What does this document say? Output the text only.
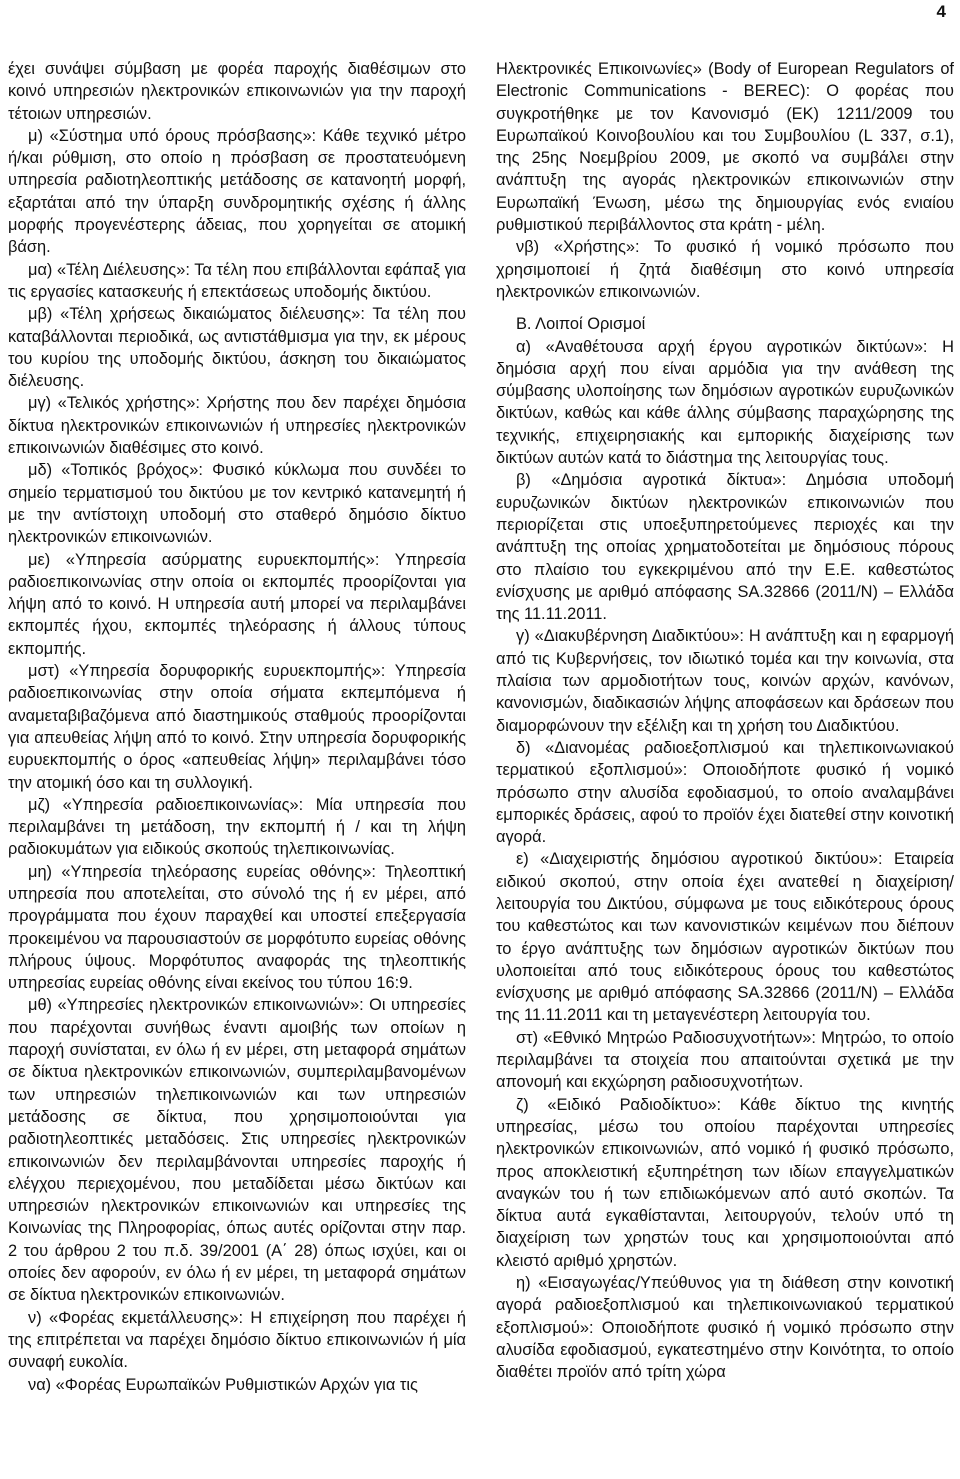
4

έχει συνάψει σύμβαση με φορέα παροχής διαθέσιμων στο κοινό υπηρεσιών ηλεκτρονικών επικοινωνιών για την παροχή τέτοιων υπηρεσιών.

μ) «Σύστημα υπό όρους πρόσβασης»: Κάθε τεχνικό μέτρο ή/και ρύθμιση, στο οποίο η πρόσβαση σε προστατευόμενη υπηρεσία ραδιοτηλεοπτικής μετάδοσης σε κατανοητή μορφή, εξαρτάται από την ύπαρξη συνδρομητικής σχέσης ή άλλης μορφής προγενέστερης άδειας, που χορηγείται σε ατομική βάση.

μα) «Τέλη Διέλευσης»: Τα τέλη που επιβάλλονται εφάπαξ για τις εργασίες κατασκευής ή επεκτάσεως υποδομής δικτύου.

μβ) «Τέλη χρήσεως δικαιώματος διέλευσης»: Τα τέλη που καταβάλλονται περιοδικά, ως αντιστάθμισμα για την, εκ μέρους του κυρίου της υποδομής δικτύου, άσκηση του δικαιώματος διέλευσης.

μγ) «Τελικός χρήστης»: Χρήστης που δεν παρέχει δημόσια δίκτυα ηλεκτρονικών επικοινωνιών ή υπηρεσίες ηλεκτρονικών επικοινωνιών διαθέσιμες στο κοινό.

μδ) «Τοπικός βρόχος»: Φυσικό κύκλωμα που συνδέει το σημείο τερματισμού του δικτύου με τον κεντρικό κατανεμητή ή με την αντίστοιχη υποδομή στο σταθερό δημόσιο δίκτυο ηλεκτρονικών επικοινωνιών.

με) «Υπηρεσία ασύρματης ευρυεκπομπής»: Υπηρεσία ραδιοεπικοινωνίας στην οποία οι εκπομπές προορίζονται για λήψη από το κοινό. Η υπηρεσία αυτή μπορεί να περιλαμβάνει εκπομπές ήχου, εκπομπές τηλεόρασης ή άλλους τύπους εκπομπής.

μστ) «Υπηρεσία δορυφορικής ευρυεκπομπής»: Υπηρεσία ραδιοεπικοινωνίας στην οποία σήματα εκπεμπόμενα ή αναμεταβιβαζόμενα από διαστημικούς σταθμούς προορίζονται για απευθείας λήψη από το κοινό. Στην υπηρεσία δορυφορικής ευρυεκπομπής ο όρος «απευθείας λήψη» περιλαμβάνει τόσο την ατομική όσο και τη συλλογική.

μζ) «Υπηρεσία ραδιοεπικοινωνίας»: Μία υπηρεσία που περιλαμβάνει τη μετάδοση, την εκπομπή ή / και τη λήψη ραδιοκυμάτων για ειδικούς σκοπούς τηλεπικοινωνίας.

μη) «Υπηρεσία τηλεόρασης ευρείας οθόνης»: Τηλεοπτική υπηρεσία που αποτελείται, στο σύνολό της ή εν μέρει, από προγράμματα που έχουν παραχθεί και υποστεί επεξεργασία προκειμένου να παρουσιαστούν σε μορφότυπο ευρείας οθόνης πλήρους ύψους. Μορφότυπος αναφοράς της τηλεοπτικής υπηρεσίας ευρείας οθόνης είναι εκείνος του τύπου 16:9.

μθ) «Υπηρεσίες ηλεκτρονικών επικοινωνιών»: Οι υπηρεσίες που παρέχονται συνήθως έναντι αμοιβής των οποίων η παροχή συνίσταται, εν όλω ή εν μέρει, στη μεταφορά σημάτων σε δίκτυα ηλεκτρονικών επικοινωνιών, συμπεριλαμβανομένων των υπηρεσιών τηλεπικοινωνιών και των υπηρεσιών μετάδοσης σε δίκτυα, που χρησιμοποιούνται για ραδιοτηλεοπτικές μεταδόσεις. Στις υπηρεσίες ηλεκτρονικών επικοινωνιών δεν περιλαμβάνονται υπηρεσίες παροχής ή ελέγχου περιεχομένου, που μεταδίδεται μέσω δικτύων και υπηρεσιών ηλεκτρονικών επικοινωνιών και υπηρεσίες της Κοινωνίας της Πληροφορίας, όπως αυτές ορίζονται στην παρ. 2 του άρθρου 2 του π.δ. 39/2001 (Α΄ 28) όπως ισχύει, και οι οποίες δεν αφορούν, εν όλω ή εν μέρει, τη μεταφορά σημάτων σε δίκτυα ηλεκτρονικών επικοινωνιών.

ν) «Φορέας εκμετάλλευσης»: Η επιχείρηση που παρέχει ή της επιτρέπεται να παρέχει δημόσιο δίκτυο επικοινωνιών ή μία συναφή ευκολία.

να) «Φορέας Ευρωπαϊκών Ρυθμιστικών Αρχών για τις

Ηλεκτρονικές Επικοινωνίες» (Body of European Regulators of Electronic Communications - BEREC): Ο φορέας που συγκροτήθηκε με τον Κανονισμό (ΕΚ) 1211/2009 του Ευρωπαϊκού Κοινοβουλίου και του Συμβουλίου (L 337, σ.1), της 25ης Νοεμβρίου 2009, με σκοπό να συμβάλει στην ανάπτυξη της αγοράς ηλεκτρονικών επικοινωνιών στην Ευρωπαϊκή Ένωση, μέσω της δημιουργίας ενός ενιαίου ρυθμιστικού περιβάλλοντος στα κράτη - μέλη.

νβ) «Χρήστης»: Το φυσικό ή νομικό πρόσωπο που χρησιμοποιεί ή ζητά διαθέσιμη στο κοινό υπηρεσία ηλεκτρονικών επικοινωνιών.

Β. Λοιποί Ορισμοί

α) «Αναθέτουσα αρχή έργου αγροτικών δικτύων»: Η δημόσια αρχή που είναι αρμόδια για την ανάθεση της σύμβασης υλοποίησης των δημόσιων αγροτικών ευρυζωνικών δικτύων, καθώς και κάθε άλλης σύμβασης παραχώρησης της τεχνικής, επιχειρησιακής και εμπορικής διαχείρισης των δικτύων αυτών κατά το διάστημα της λειτουργίας τους.

β) «Δημόσια αγροτικά δίκτυα»: Δημόσια υποδομή ευρυζωνικών δικτύων ηλεκτρονικών επικοινωνιών που περιορίζεται στις υποεξυπηρετούμενες περιοχές και την ανάπτυξη της οποίας χρηματοδοτείται με δημόσιους πόρους στο πλαίσιο του εγκεκριμένου από την Ε.Ε. καθεστώτος ενίσχυσης με αριθμό απόφασης SA.32866 (2011/N) – Ελλάδα της 11.11.2011.

γ) «Διακυβέρνηση Διαδικτύου»: Η ανάπτυξη και η εφαρμογή από τις Κυβερνήσεις, τον ιδιωτικό τομέα και την κοινωνία, στα πλαίσια των αρμοδιοτήτων τους, κοινών αρχών, κανόνων, κανονισμών, διαδικασιών λήψης αποφάσεων και δράσεων που διαμορφώνουν την εξέλιξη και τη χρήση του Διαδικτύου.

δ) «Διανομέας ραδιοεξοπλισμού και τηλεπικοινωνιακού τερματικού εξοπλισμού»: Οποιοδήποτε φυσικό ή νομικό πρόσωπο στην αλυσίδα εφοδιασμού, το οποίο αναλαμβάνει εμπορικές δράσεις, αφού το προϊόν έχει διατεθεί στην κοινοτική αγορά.

ε) «Διαχειριστής δημόσιου αγροτικού δικτύου»: Εταιρεία ειδικού σκοπού, στην οποία έχει ανατεθεί η διαχείριση/λειτουργία του Δικτύου, σύμφωνα με τους ειδικότερους όρους του καθεστώτος και των κανονιστικών κειμένων που διέπουν το έργο ανάπτυξης των δημόσιων αγροτικών δικτύων που υλοποιείται από τους ειδικότερους όρους του καθεστώτος ενίσχυσης με αριθμό απόφασης SA.32866 (2011/N) – Ελλάδα της 11.11.2011 και τη μεταγενέστερη λειτουργία του.

στ) «Εθνικό Μητρώο Ραδιοσυχνοτήτων»: Μητρώο, το οποίο περιλαμβάνει τα στοιχεία που απαιτούνται σχετικά με την απονομή και εκχώρηση ραδιοσυχνοτήτων.

ζ) «Ειδικό Ραδιοδίκτυο»: Κάθε δίκτυο της κινητής υπηρεσίας, μέσω του οποίου παρέχονται υπηρεσίες ηλεκτρονικών επικοινωνιών, από νομικό ή φυσικό πρόσωπο, προς αποκλειστική εξυπηρέτηση των ιδίων επαγγελματικών αναγκών του ή των επιδιωκόμενων από αυτό σκοπών. Τα δίκτυα αυτά εγκαθίστανται, λειτουργούν, τελούν υπό τη διαχείριση των χρηστών τους και χρησιμοποιούνται από κλειστό αριθμό χρηστών.

η) «Εισαγωγέας/Υπεύθυνος για τη διάθεση στην κοινοτική αγορά ραδιοεξοπλισμού και τηλεπικοινωνιακού τερματικού εξοπλισμού»: Οποιοδήποτε φυσικό ή νομικό πρόσωπο στην αλυσίδα εφοδιασμού, εγκατεστημένο στην Κοινότητα, το οποίο διαθέτει προϊόν από τρίτη χώρα
